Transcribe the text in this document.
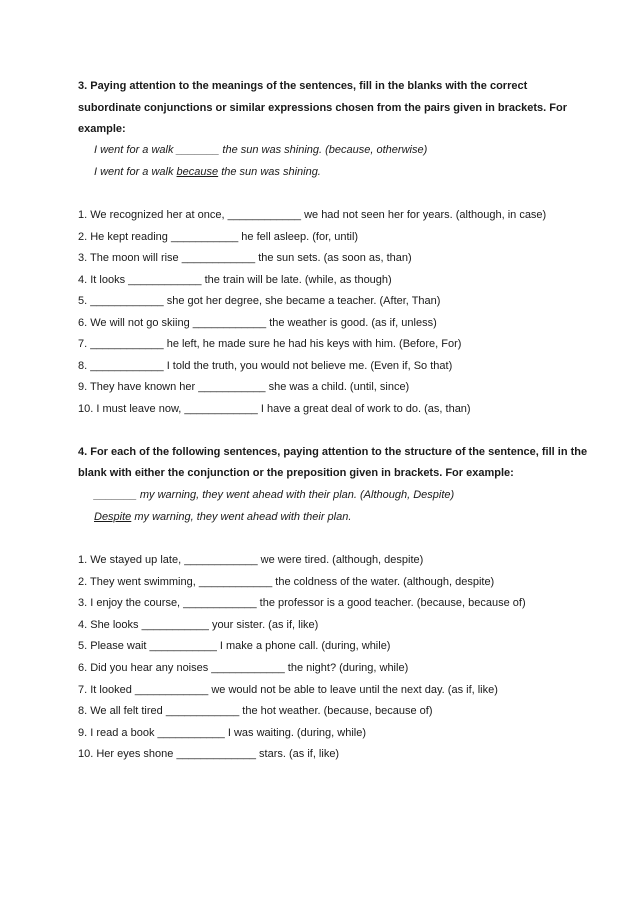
3. Paying attention to the meanings of the sentences, fill in the blanks with the correct
subordinate conjunctions or similar expressions chosen from the pairs given in brackets. For
example:
I went for a walk _______ the sun was shining. (because, otherwise)
I went for a walk because the sun was shining.
1. We recognized her at once, ____________ we had not seen her for years. (although, in case)
2. He kept reading ___________ he fell asleep. (for, until)
3. The moon will rise ____________ the sun sets. (as soon as, than)
4. It looks ____________ the train will be late. (while, as though)
5. ____________ she got her degree, she became a teacher. (After, Than)
6. We will not go skiing ____________ the weather is good. (as if, unless)
7. ____________ he left, he made sure he had his keys with him. (Before, For)
8. ____________ I told the truth, you would not believe me. (Even if, So that)
9. They have known her ___________ she was a child. (until, since)
10. I must leave now, ____________ I have a great deal of work to do. (as, than)
4. For each of the following sentences, paying attention to the structure of the sentence, fill in the
blank with either the conjunction or the preposition given in brackets. For example:
_______ my warning, they went ahead with their plan. (Although, Despite)
Despite my warning, they went ahead with their plan.
1. We stayed up late, ____________ we were tired. (although, despite)
2. They went swimming, ____________ the coldness of the water. (although, despite)
3. I enjoy the course, ____________ the professor is a good teacher. (because, because of)
4. She looks ___________ your sister. (as if, like)
5. Please wait ___________ I make a phone call. (during, while)
6. Did you hear any noises ____________ the night? (during, while)
7. It looked ____________ we would not be able to leave until the next day. (as if, like)
8. We all felt tired ____________ the hot weather. (because, because of)
9. I read a book ___________ I was waiting. (during, while)
10. Her eyes shone _____________ stars. (as if, like)
